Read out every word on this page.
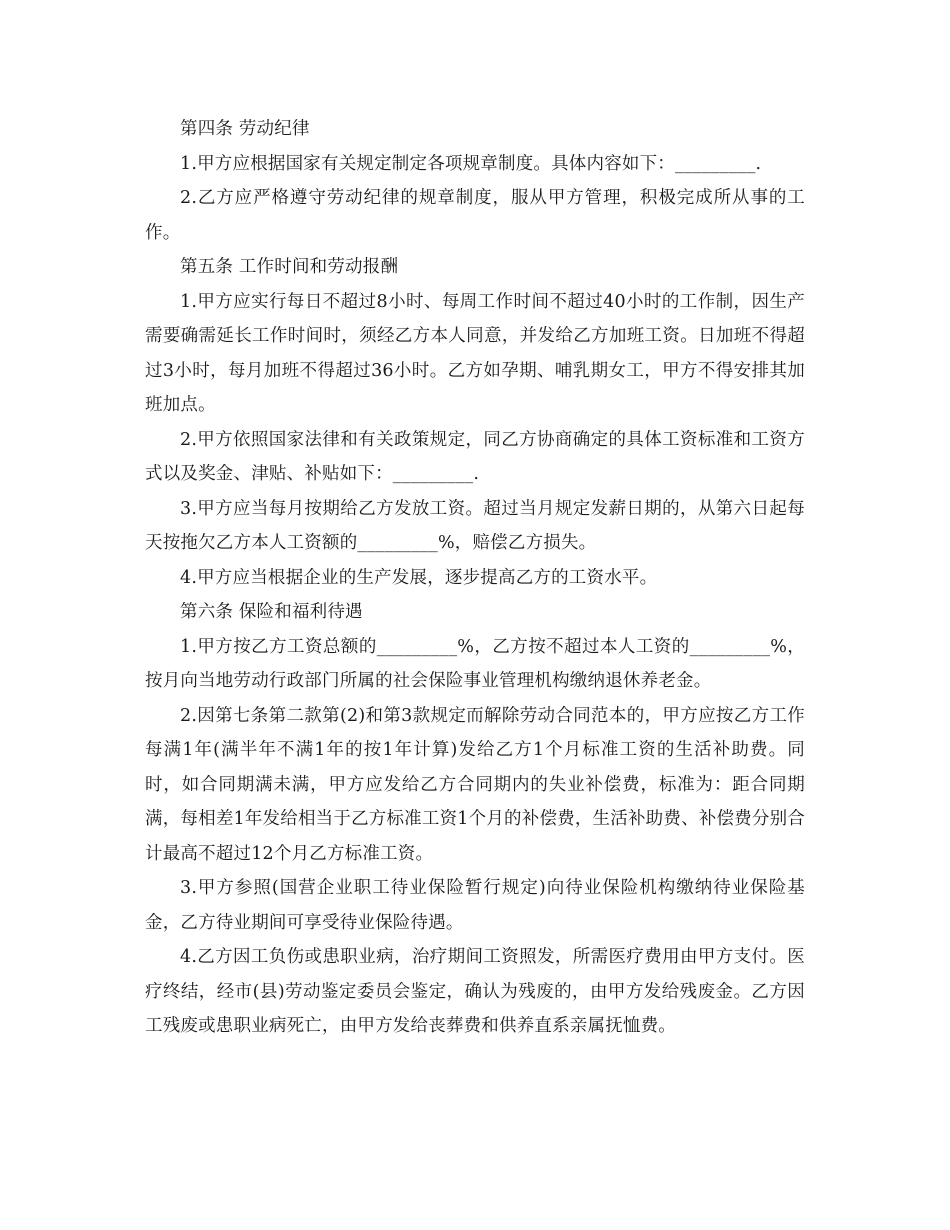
第四条 劳动纪律

1.甲方应根据国家有关规定制定各项规章制度。具体内容如下：_________.

2.乙方应严格遵守劳动纪律的规章制度，服从甲方管理，积极完成所从事的工作。

第五条 工作时间和劳动报酬

1.甲方应实行每日不超过8小时、每周工作时间不超过40小时的工作制，因生产需要确需延长工作时间时，须经乙方本人同意，并发给乙方加班工资。日加班不得超过3小时，每月加班不得超过36小时。乙方如孕期、哺乳期女工，甲方不得安排其加班加点。

2.甲方依照国家法律和有关政策规定，同乙方协商确定的具体工资标准和工资方式以及奖金、津贴、补贴如下：_________.

3.甲方应当每月按期给乙方发放工资。超过当月规定发薪日期的，从第六日起每天按拖欠乙方本人工资额的_________%，赔偿乙方损失。

4.甲方应当根据企业的生产发展，逐步提高乙方的工资水平。

第六条 保险和福利待遇

1.甲方按乙方工资总额的_________%，乙方按不超过本人工资的_________%，按月向当地劳动行政部门所属的社会保险事业管理机构缴纳退休养老金。

2.因第七条第二款第(2)和第3款规定而解除劳动合同范本的，甲方应按乙方工作每满1年(满半年不满1年的按1年计算)发给乙方1个月标准工资的生活补助费。同时，如合同期满未满，甲方应发给乙方合同期内的失业补偿费，标准为：距合同期满，每相差1年发给相当于乙方标准工资1个月的补偿费，生活补助费、补偿费分别合计最高不超过12个月乙方标准工资。

3.甲方参照(国营企业职工待业保险暂行规定)向待业保险机构缴纳待业保险基金，乙方待业期间可享受待业保险待遇。

4.乙方因工负伤或患职业病，治疗期间工资照发，所需医疗费用由甲方支付。医疗终结，经市(县)劳动鉴定委员会鉴定，确认为残废的，由甲方发给残废金。乙方因工残废或患职业病死亡，由甲方发给丧葬费和供养直系亲属抚恤费。
